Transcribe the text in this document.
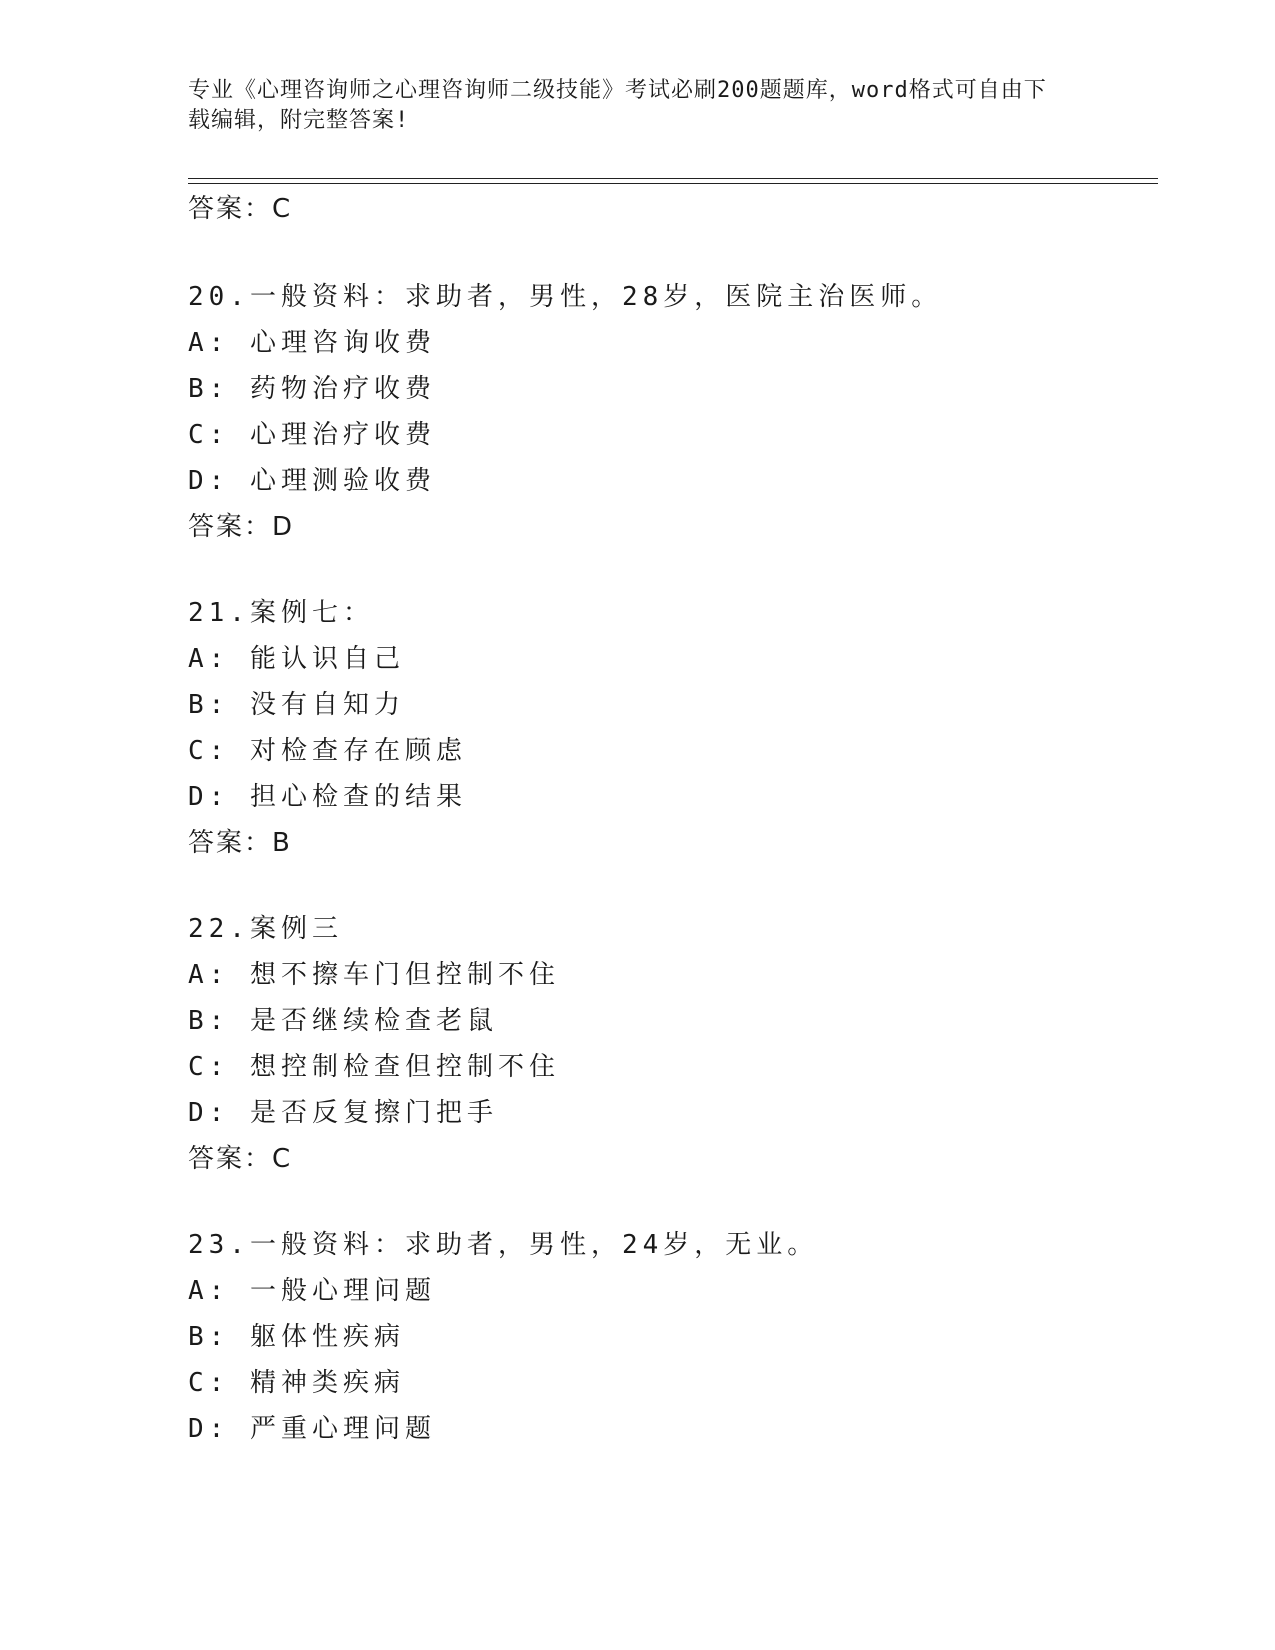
专业《心理咨询师之心理咨询师二级技能》考试必刷200题题库，word格式可自由下载编辑，附完整答案!
答案：C
20.一般资料：求助者，男性，28岁，医院主治医师。
A: 心理咨询收费
B: 药物治疗收费
C: 心理治疗收费
D: 心理测验收费
答案：D
21.案例七：
A: 能认识自己
B: 没有自知力
C: 对检查存在顾虑
D: 担心检查的结果
答案：B
22.案例三
A: 想不擦车门但控制不住
B: 是否继续检查老鼠
C: 想控制检查但控制不住
D: 是否反复擦门把手
答案：C
23.一般资料：求助者，男性，24岁，无业。
A: 一般心理问题
B: 躯体性疾病
C: 精神类疾病
D: 严重心理问题
